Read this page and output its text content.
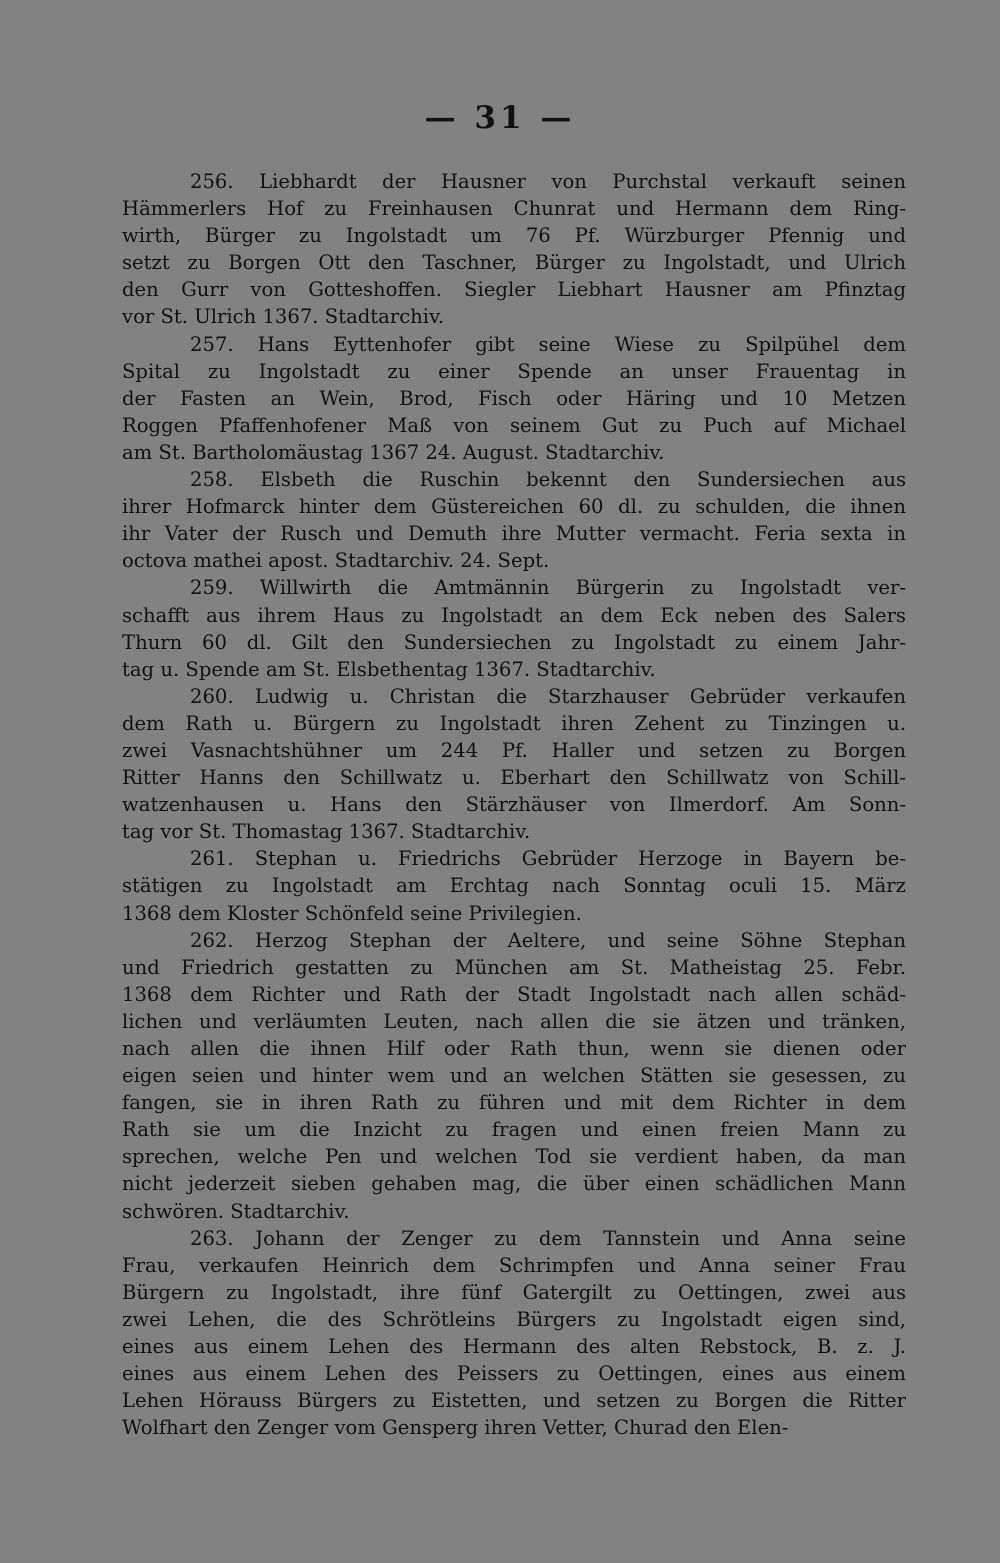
— 31 —

256. Liebhardt der Hausner von Purchstal verkauft seinen

Hämmerlers Hof zu Freinhausen Chunrat und Hermann dem Ring-

wirth, Bürger zu Ingolstadt um 76 Pf. Würzburger Pfennig und

setzt zu Borgen Ott den Taschner, Bürger zu Ingolstadt, und Ulrich

den Gurr von Gotteshoffen. Siegler Liebhart Hausner am Pfinztag

vor St. Ulrich 1367. Stadtarchiv.

257. Hans Eyttenhofer gibt seine Wiese zu Spilpühel dem

Spital zu Ingolstadt zu einer Spende an unser Frauentag in

der Fasten an Wein, Brod, Fisch oder Häring und 10 Metzen

Roggen Pfaffenhofener Maß von seinem Gut zu Puch auf Michael

am St. Bartholomäustag 1367 24. August. Stadtarchiv.

258. Elsbeth die Ruschin bekennt den Sundersiechen aus

ihrer Hofmarck hinter dem Güstereichen 60 dl. zu schulden, die ihnen

ihr Vater der Rusch und Demuth ihre Mutter vermacht. Feria sexta in

octova mathei apost. Stadtarchiv. 24. Sept.

259. Willwirth die Amtmännin Bürgerin zu Ingolstadt ver-

schafft aus ihrem Haus zu Ingolstadt an dem Eck neben des Salers

Thurn 60 dl. Gilt den Sundersiechen zu Ingolstadt zu einem Jahr-

tag u. Spende am St. Elsbethentag 1367. Stadtarchiv.

260. Ludwig u. Christan die Starzhauser Gebrüder verkaufen

dem Rath u. Bürgern zu Ingolstadt ihren Zehent zu Tinzingen u.

zwei Vasnachtshühner um 244 Pf. Haller und setzen zu Borgen

Ritter Hanns den Schillwatz u. Eberhart den Schillwatz von Schill-

watzenhausen u. Hans den Stärzhäuser von Ilmerdorf. Am Sonn-

tag vor St. Thomastag 1367. Stadtarchiv.

261. Stephan u. Friedrichs Gebrüder Herzoge in Bayern be-

stätigen zu Ingolstadt am Erchtag nach Sonntag oculi 15. März

1368 dem Kloster Schönfeld seine Privilegien.

262. Herzog Stephan der Aeltere, und seine Söhne Stephan

und Friedrich gestatten zu München am St. Matheistag 25. Febr.

1368 dem Richter und Rath der Stadt Ingolstadt nach allen schäd-

lichen und verläumten Leuten, nach allen die sie ätzen und tränken,

nach allen die ihnen Hilf oder Rath thun, wenn sie dienen oder

eigen seien und hinter wem und an welchen Stätten sie gesessen, zu

fangen, sie in ihren Rath zu führen und mit dem Richter in dem

Rath sie um die Inzicht zu fragen und einen freien Mann zu

sprechen, welche Pen und welchen Tod sie verdient haben, da man

nicht jederzeit sieben gehaben mag, die über einen schädlichen Mann

schwören. Stadtarchiv.

263. Johann der Zenger zu dem Tannstein und Anna seine

Frau, verkaufen Heinrich dem Schrimpfen und Anna seiner Frau

Bürgern zu Ingolstadt, ihre fünf Gatergilt zu Oettingen, zwei aus

zwei Lehen, die des Schrötleins Bürgers zu Ingolstadt eigen sind,

eines aus einem Lehen des Hermann des alten Rebstock, B. z. J.

eines aus einem Lehen des Peissers zu Oettingen, eines aus einem

Lehen Hörauss Bürgers zu Eistetten, und setzen zu Borgen die Ritter

Wolfhart den Zenger vom Gensperg ihren Vetter, Churad den Elen-
